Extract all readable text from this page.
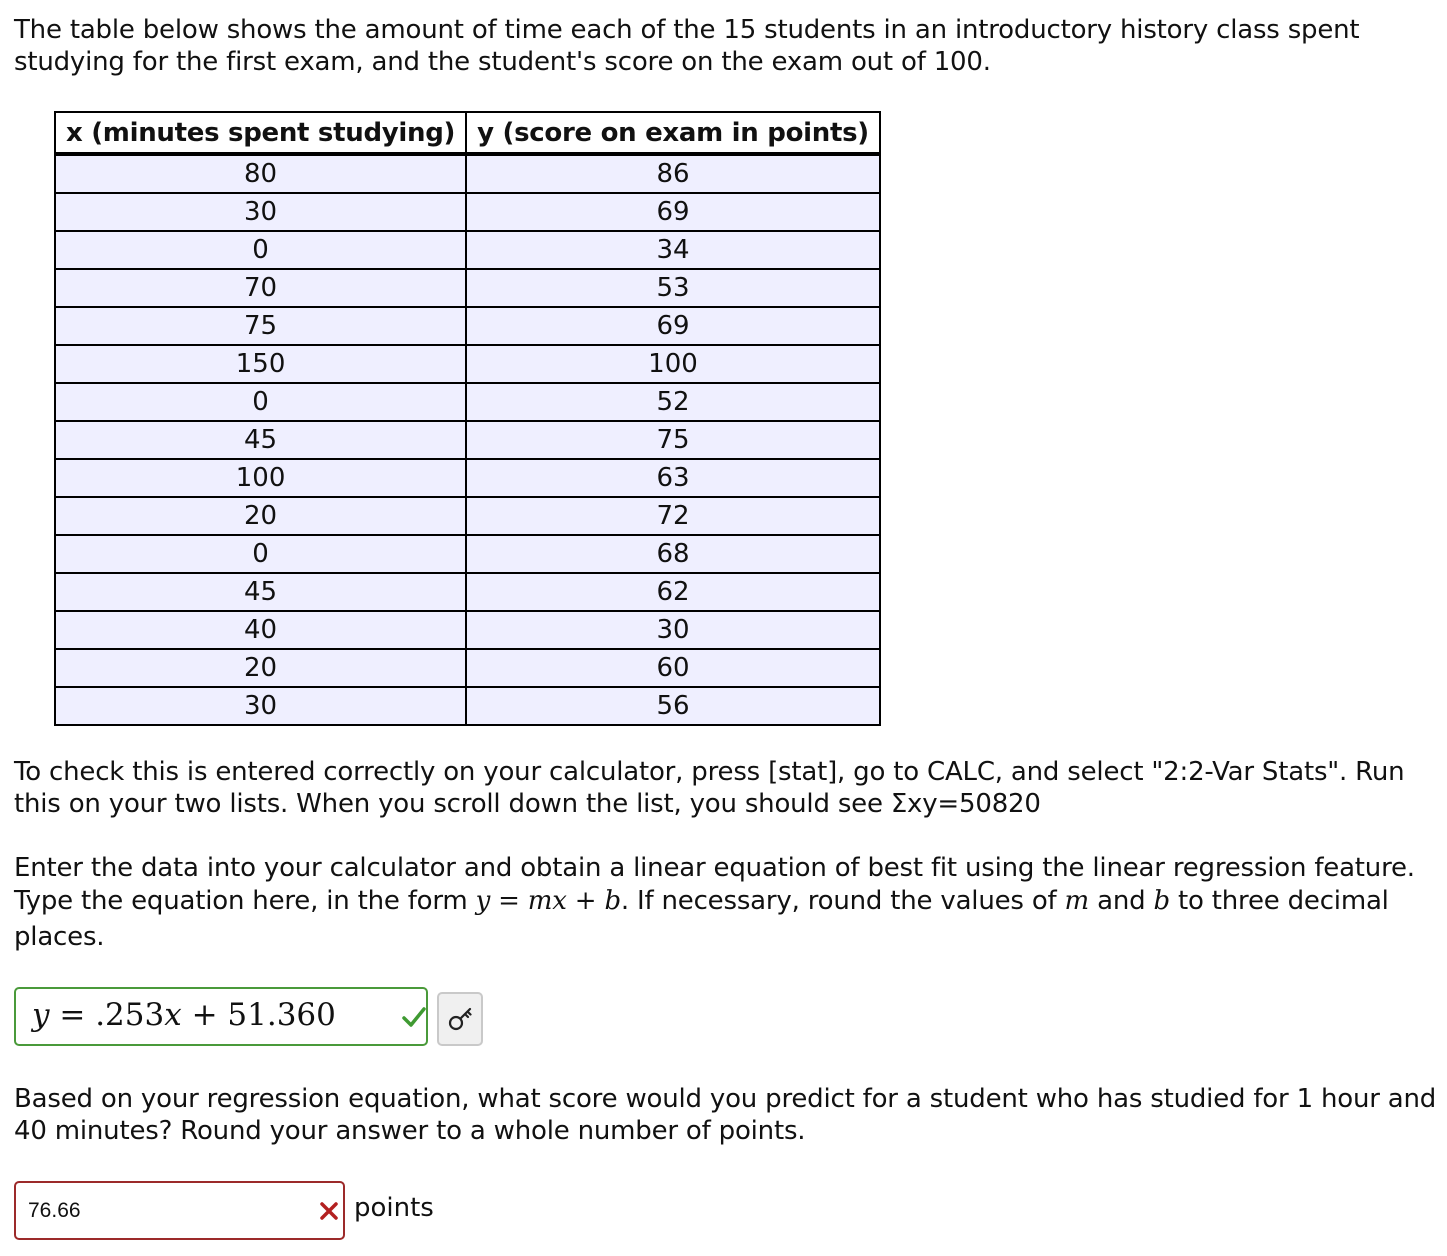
The table below shows the amount of time each of the 15 students in an introductory history class spent
studying for the first exam, and the student's score on the exam out of 100.

x (minutes spent studying)	y (score on exam in points)
80	86
30	69
0	34
70	53
75	69
150	100
0	52
45	75
100	63
20	72
0	68
45	62
40	30
20	60
30	56

To check this is entered correctly on your calculator, press [stat], go to CALC, and select "2:2-Var Stats". Run
this on your two lists. When you scroll down the list, you should see Σxy=50820

Enter the data into your calculator and obtain a linear equation of best fit using the linear regression feature.
Type the equation here, in the form y = mx + b. If necessary, round the values of m and b to three decimal
places.

y = .253x + 51.360

Based on your regression equation, what score would you predict for a student who has studied for 1 hour and
40 minutes? Round your answer to a whole number of points.

76.66
points
